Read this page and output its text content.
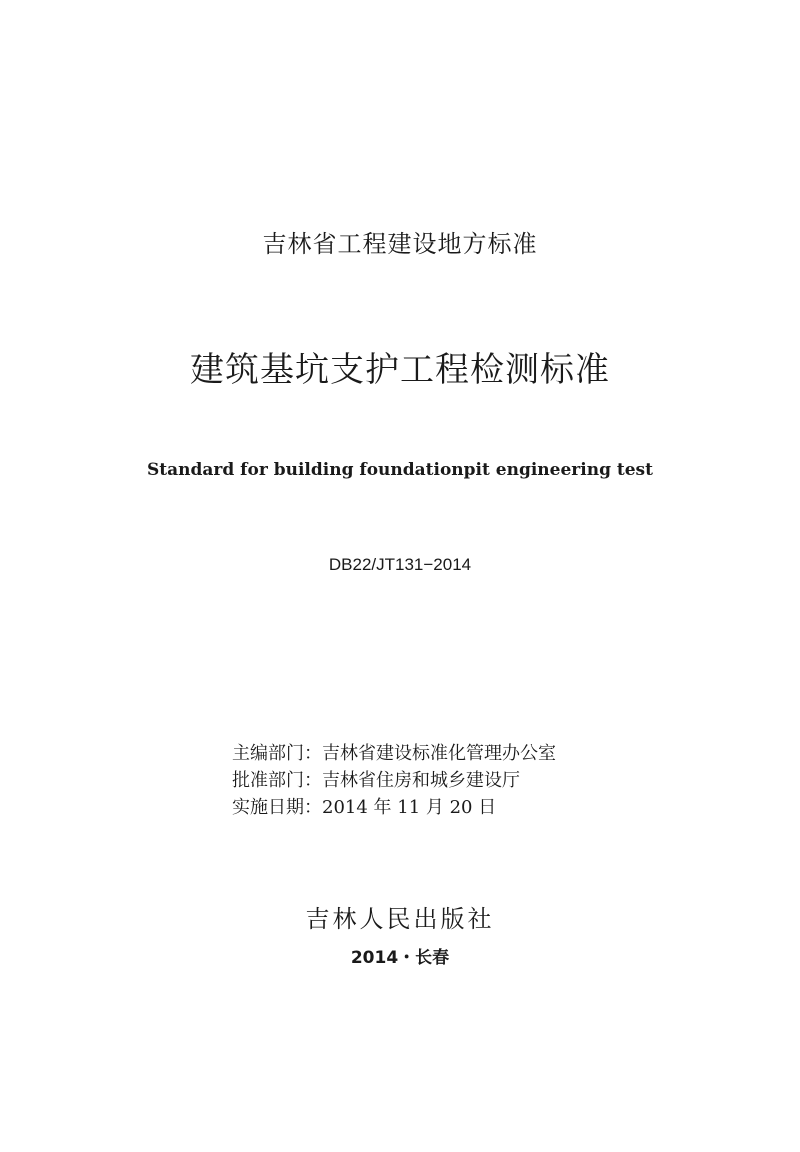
吉林省工程建设地方标准
建筑基坑支护工程检测标准
Standard for building foundationpit engineering test
DB22/JT131−2014
主编部门：吉林省建设标准化管理办公室
批准部门：吉林省住房和城乡建设厅
实施日期：2014 年 11 月 20 日
吉林人民出版社
2014・长春
